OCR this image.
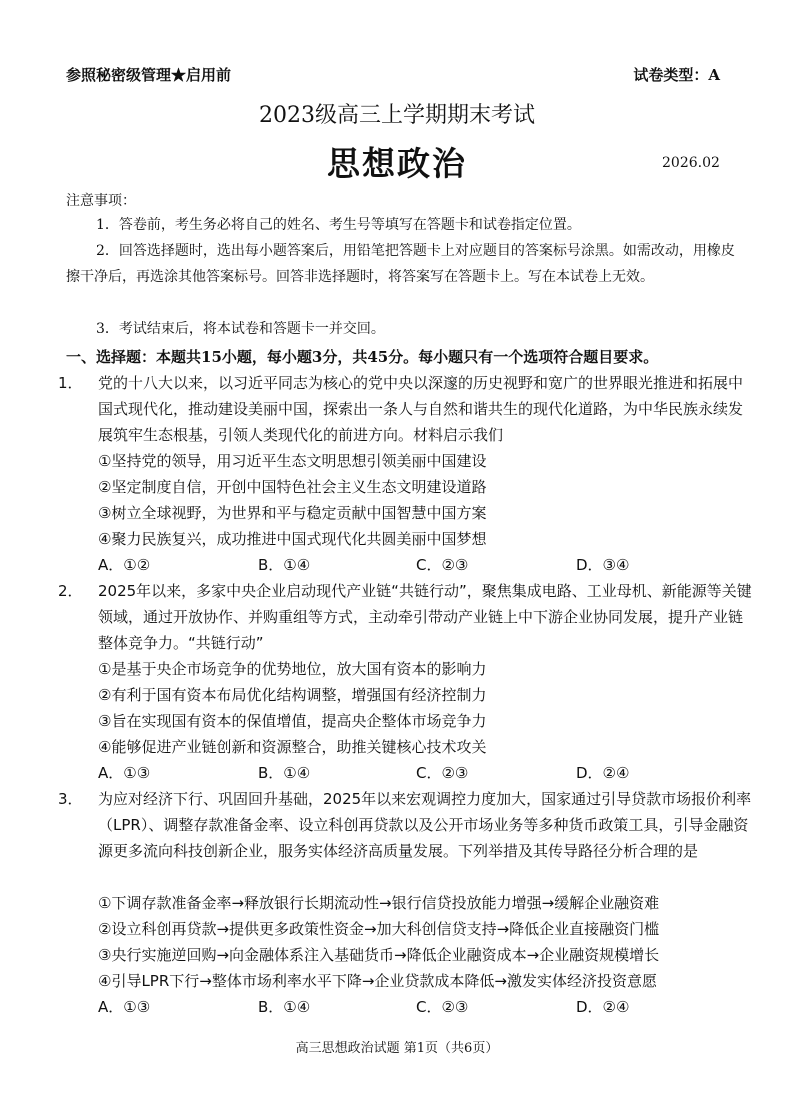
参照秘密级管理★启用前	试卷类型：A
2023级高三上学期期末考试
思想政治	2026.02
注意事项：
1．答卷前，考生务必将自己的姓名、考生号等填写在答题卡和试卷指定位置。
2．回答选择题时，选出每小题答案后，用铅笔把答题卡上对应题目的答案标号涂黑。如需改动，用橡皮擦干净后，再选涂其他答案标号。回答非选择题时，将答案写在答题卡上。写在本试卷上无效。
3．考试结束后，将本试卷和答题卡一并交回。
一、选择题：本题共15小题，每小题3分，共45分。每小题只有一个选项符合题目要求。
1． 党的十八大以来，以习近平同志为核心的党中央以深邃的历史视野和宽广的世界眼光推进和拓展中国式现代化，推动建设美丽中国，探索出一条人与自然和谐共生的现代化道路，为中华民族永续发展筑牢生态根基，引领人类现代化的前进方向。材料启示我们
①坚持党的领导，用习近平生态文明思想引领美丽中国建设
②坚定制度自信，开创中国特色社会主义生态文明建设道路
③树立全球视野，为世界和平与稳定贡献中国智慧中国方案
④聚力民族复兴，成功推进中国式现代化共圆美丽中国梦想
A．①②	B．①④	C．②③	D．③④
2． 2025年以来，多家中央企业启动现代产业链“共链行动”，聚焦集成电路、工业母机、新能源等关键领域，通过开放协作、并购重组等方式，主动牵引带动产业链上中下游企业协同发展，提升产业链整体竞争力。“共链行动”
①是基于央企市场竞争的优势地位，放大国有资本的影响力
②有利于国有资本布局优化结构调整，增强国有经济控制力
③旨在实现国有资本的保值增值，提高央企整体市场竞争力
④能够促进产业链创新和资源整合，助推关键核心技术攻关
A．①③	B．①④	C．②③	D．②④
3． 为应对经济下行、巩固回升基础，2025年以来宏观调控力度加大，国家通过引导贷款市场报价利率（LPR）、调整存款准备金率、设立科创再贷款以及公开市场业务等多种货币政策工具，引导金融资源更多流向科技创新企业，服务实体经济高质量发展。下列举措及其传导路径分析合理的是
①下调存款准备金率→释放银行长期流动性→银行信贷投放能力增强→缓解企业融资难
②设立科创再贷款→提供更多政策性资金→加大科创信贷支持→降低企业直接融资门槛
③央行实施逆回购→向金融体系注入基础货币→降低企业融资成本→企业融资规模增长
④引导LPR下行→整体市场利率水平下降→企业贷款成本降低→激发实体经济投资意愿
A．①③	B．①④	C．②③	D．②④
高三思想政治试题 第1页（共6页）
